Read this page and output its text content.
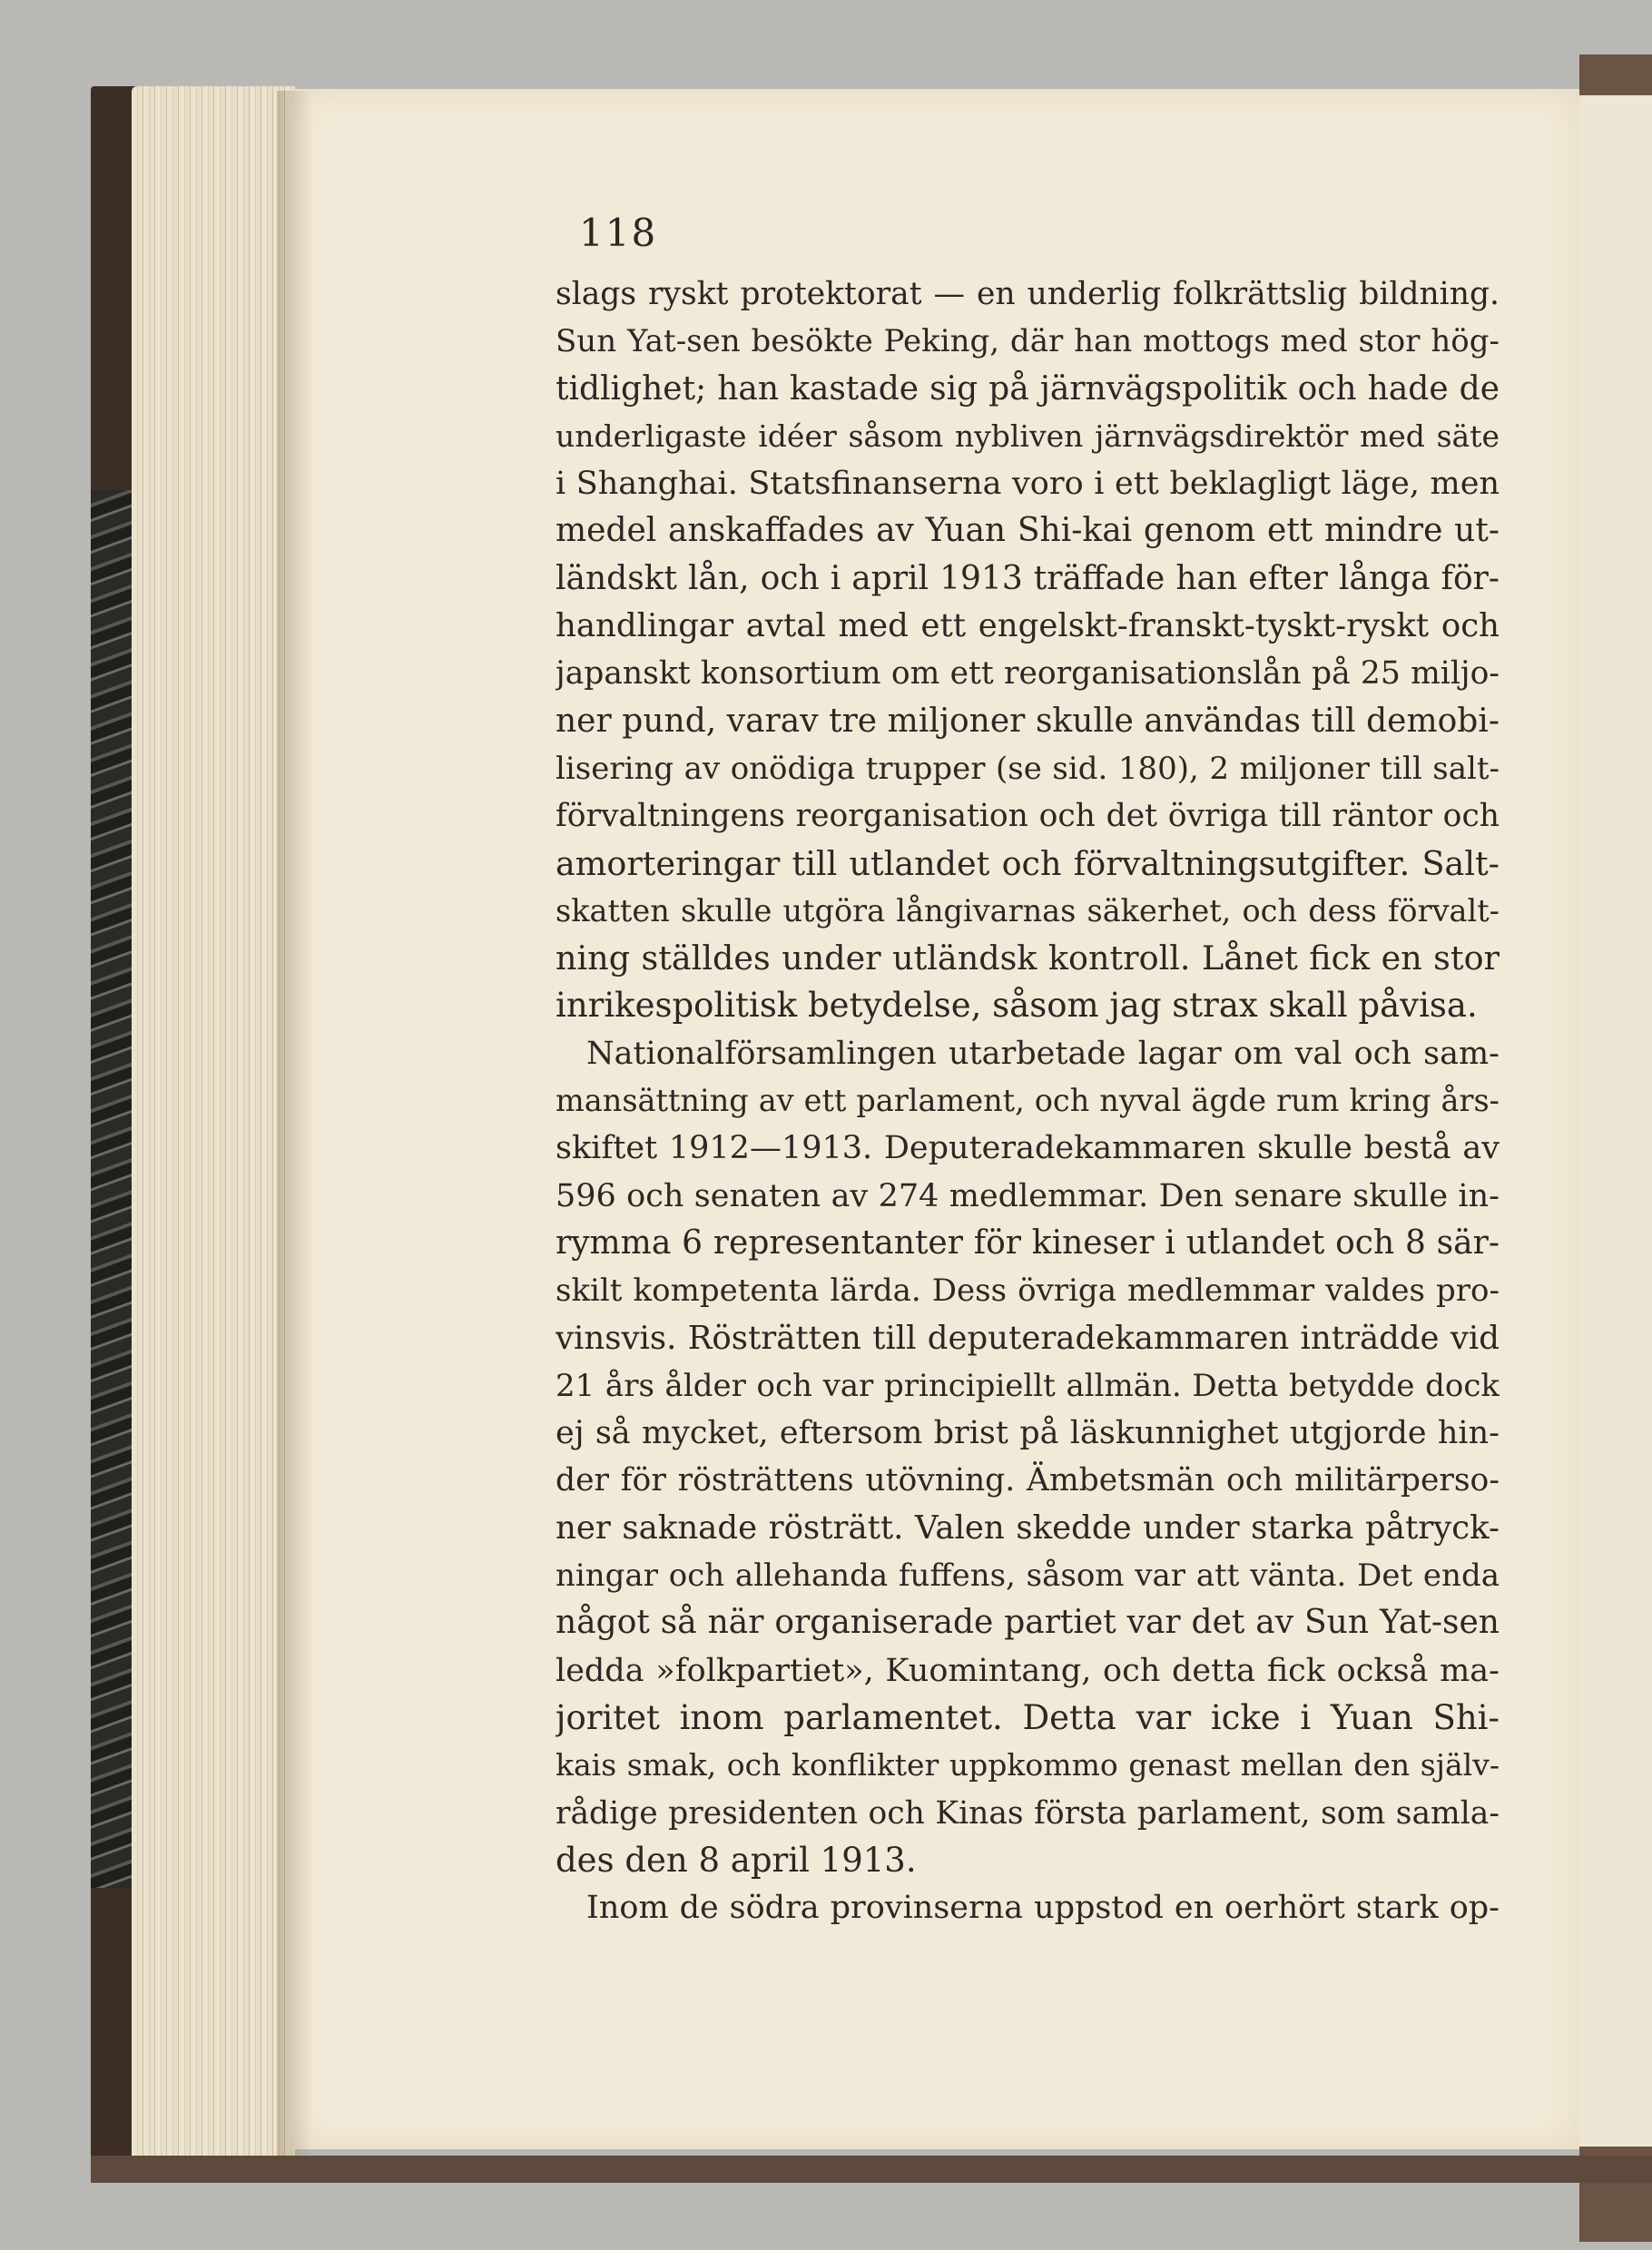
118
slags ryskt protektorat — en underlig folkrättslig bildning.
Sun Yat-sen besökte Peking, där han mottogs med stor hög-
tidlighet; han kastade sig på järnvägspolitik och hade de
underligaste idéer såsom nybliven järnvägsdirektör med säte
i Shanghai. Statsfinanserna voro i ett beklagligt läge, men
medel anskaffades av Yuan Shi-kai genom ett mindre ut-
ländskt lån, och i april 1913 träffade han efter långa för-
handlingar avtal med ett engelskt-franskt-tyskt-ryskt och
japanskt konsortium om ett reorganisationslån på 25 miljo-
ner pund, varav tre miljoner skulle användas till demobi-
lisering av onödiga trupper (se sid. 180), 2 miljoner till salt-
förvaltningens reorganisation och det övriga till räntor och
amorteringar till utlandet och förvaltningsutgifter. Salt-
skatten skulle utgöra långivarnas säkerhet, och dess förvalt-
ning ställdes under utländsk kontroll. Lånet fick en stor
inrikespolitisk betydelse, såsom jag strax skall påvisa.
Nationalförsamlingen utarbetade lagar om val och sam-
mansättning av ett parlament, och nyval ägde rum kring års-
skiftet 1912—1913. Deputeradekammaren skulle bestå av
596 och senaten av 274 medlemmar. Den senare skulle in-
rymma 6 representanter för kineser i utlandet och 8 sär-
skilt kompetenta lärda. Dess övriga medlemmar valdes pro-
vinsvis. Rösträtten till deputeradekammaren inträdde vid
21 års ålder och var principiellt allmän. Detta betydde dock
ej så mycket, eftersom brist på läskunnighet utgjorde hin-
der för rösträttens utövning. Ämbetsmän och militärperso-
ner saknade rösträtt. Valen skedde under starka påtryck-
ningar och allehanda fuffens, såsom var att vänta. Det enda
något så när organiserade partiet var det av Sun Yat-sen
ledda »folkpartiet», Kuomintang, och detta fick också ma-
joritet inom parlamentet. Detta var icke i Yuan Shi-
kais smak, och konflikter uppkommo genast mellan den själv-
rådige presidenten och Kinas första parlament, som samla-
des den 8 april 1913.
Inom de södra provinserna uppstod en oerhört stark op-
